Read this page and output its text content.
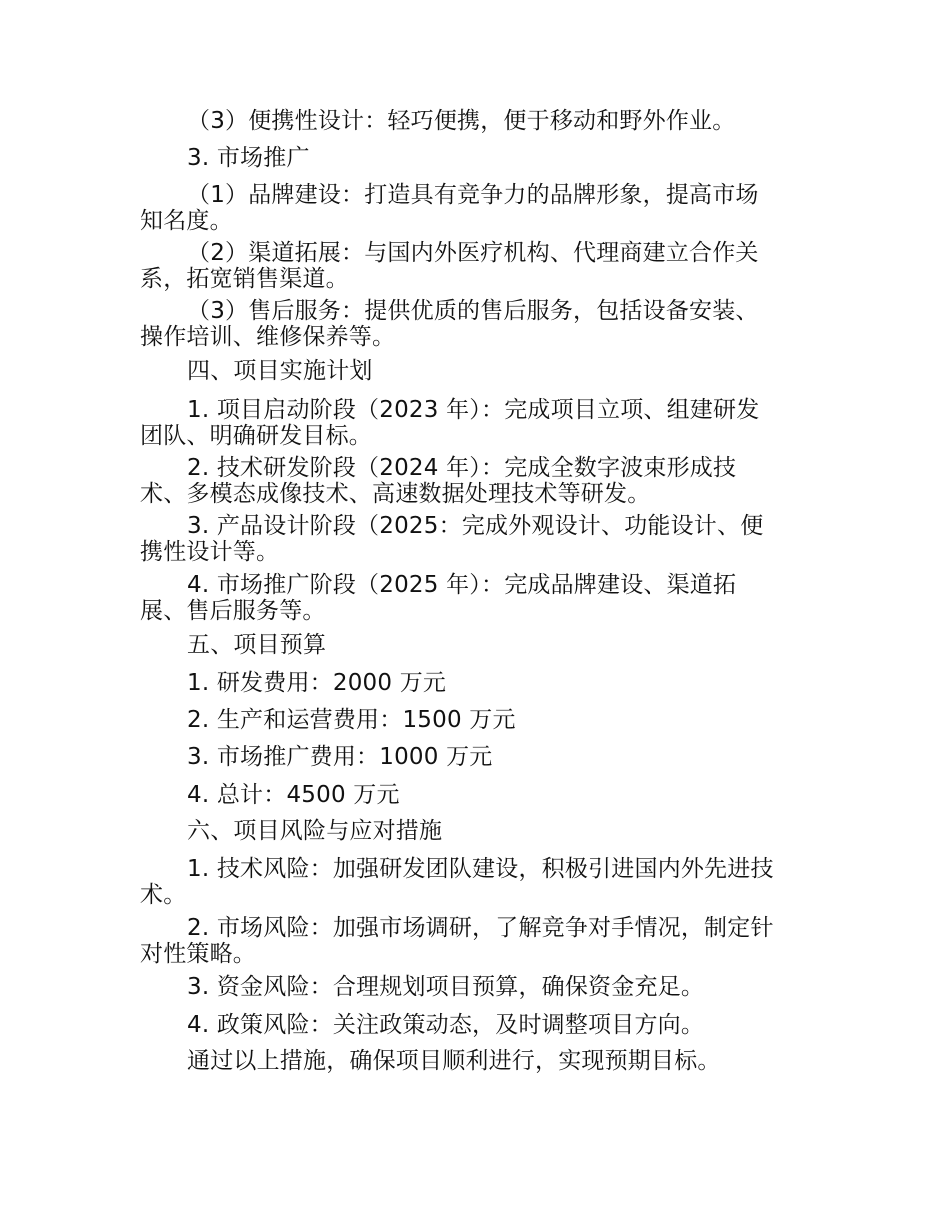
（3）便携性设计：轻巧便携，便于移动和野外作业。
3. 市场推广
（1）品牌建设：打造具有竞争力的品牌形象，提高市场
知名度。
（2）渠道拓展：与国内外医疗机构、代理商建立合作关
系，拓宽销售渠道。
（3）售后服务：提供优质的售后服务，包括设备安装、
操作培训、维修保养等。
四、项目实施计划
1. 项目启动阶段（2023 年）：完成项目立项、组建研发
团队、明确研发目标。
2. 技术研发阶段（2024 年）：完成全数字波束形成技
术、多模态成像技术、高速数据处理技术等研发。
3. 产品设计阶段（2025：完成外观设计、功能设计、便
携性设计等。
4. 市场推广阶段（2025 年）：完成品牌建设、渠道拓
展、售后服务等。
五、项目预算
1. 研发费用：2000 万元
2. 生产和运营费用：1500 万元
3. 市场推广费用：1000 万元
4. 总计：4500 万元
六、项目风险与应对措施
1. 技术风险：加强研发团队建设，积极引进国内外先进技
术。
2. 市场风险：加强市场调研，了解竞争对手情况，制定针
对性策略。
3. 资金风险：合理规划项目预算，确保资金充足。
4. 政策风险：关注政策动态，及时调整项目方向。
通过以上措施，确保项目顺利进行，实现预期目标。
